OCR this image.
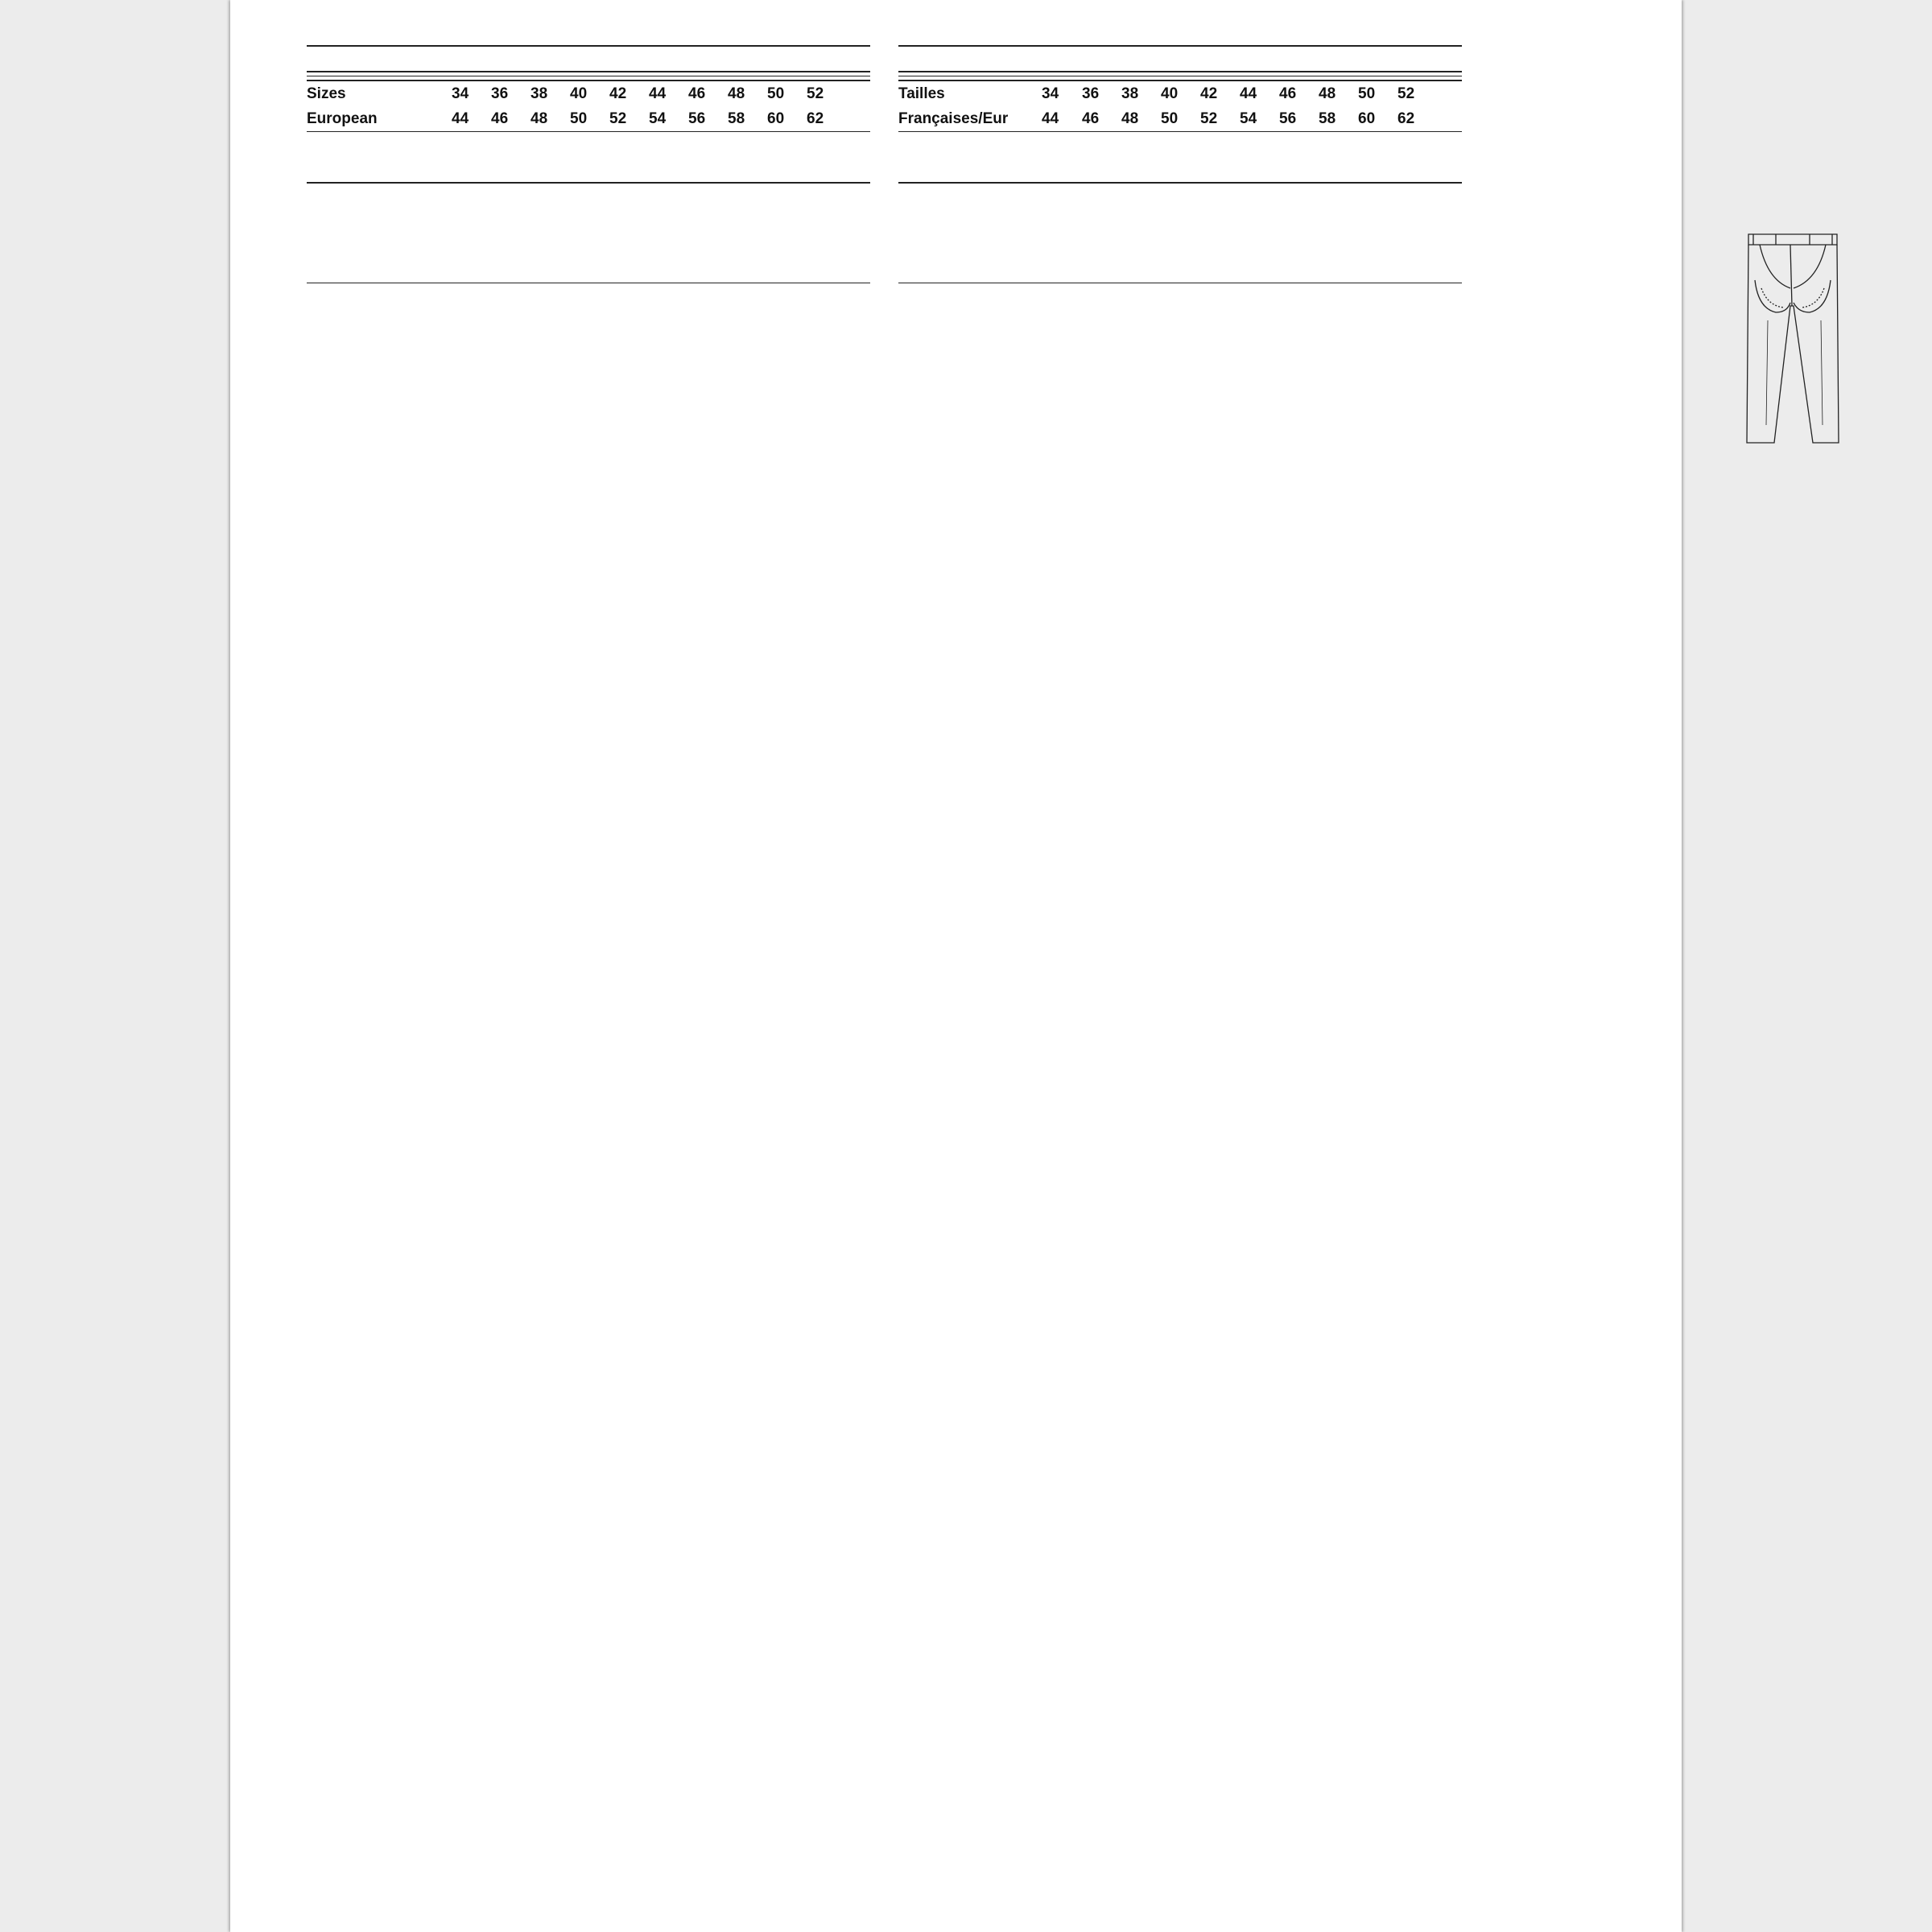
Sizes	34 36 38 40 42 44 46 48 50 52
European	44 46 48 50 52 54 56 58 60 62
Tailles	34 36 38 40 42 44 46 48 50 52
Françaises/Eur 44 46 48 50 52 54 56 58 60 62
